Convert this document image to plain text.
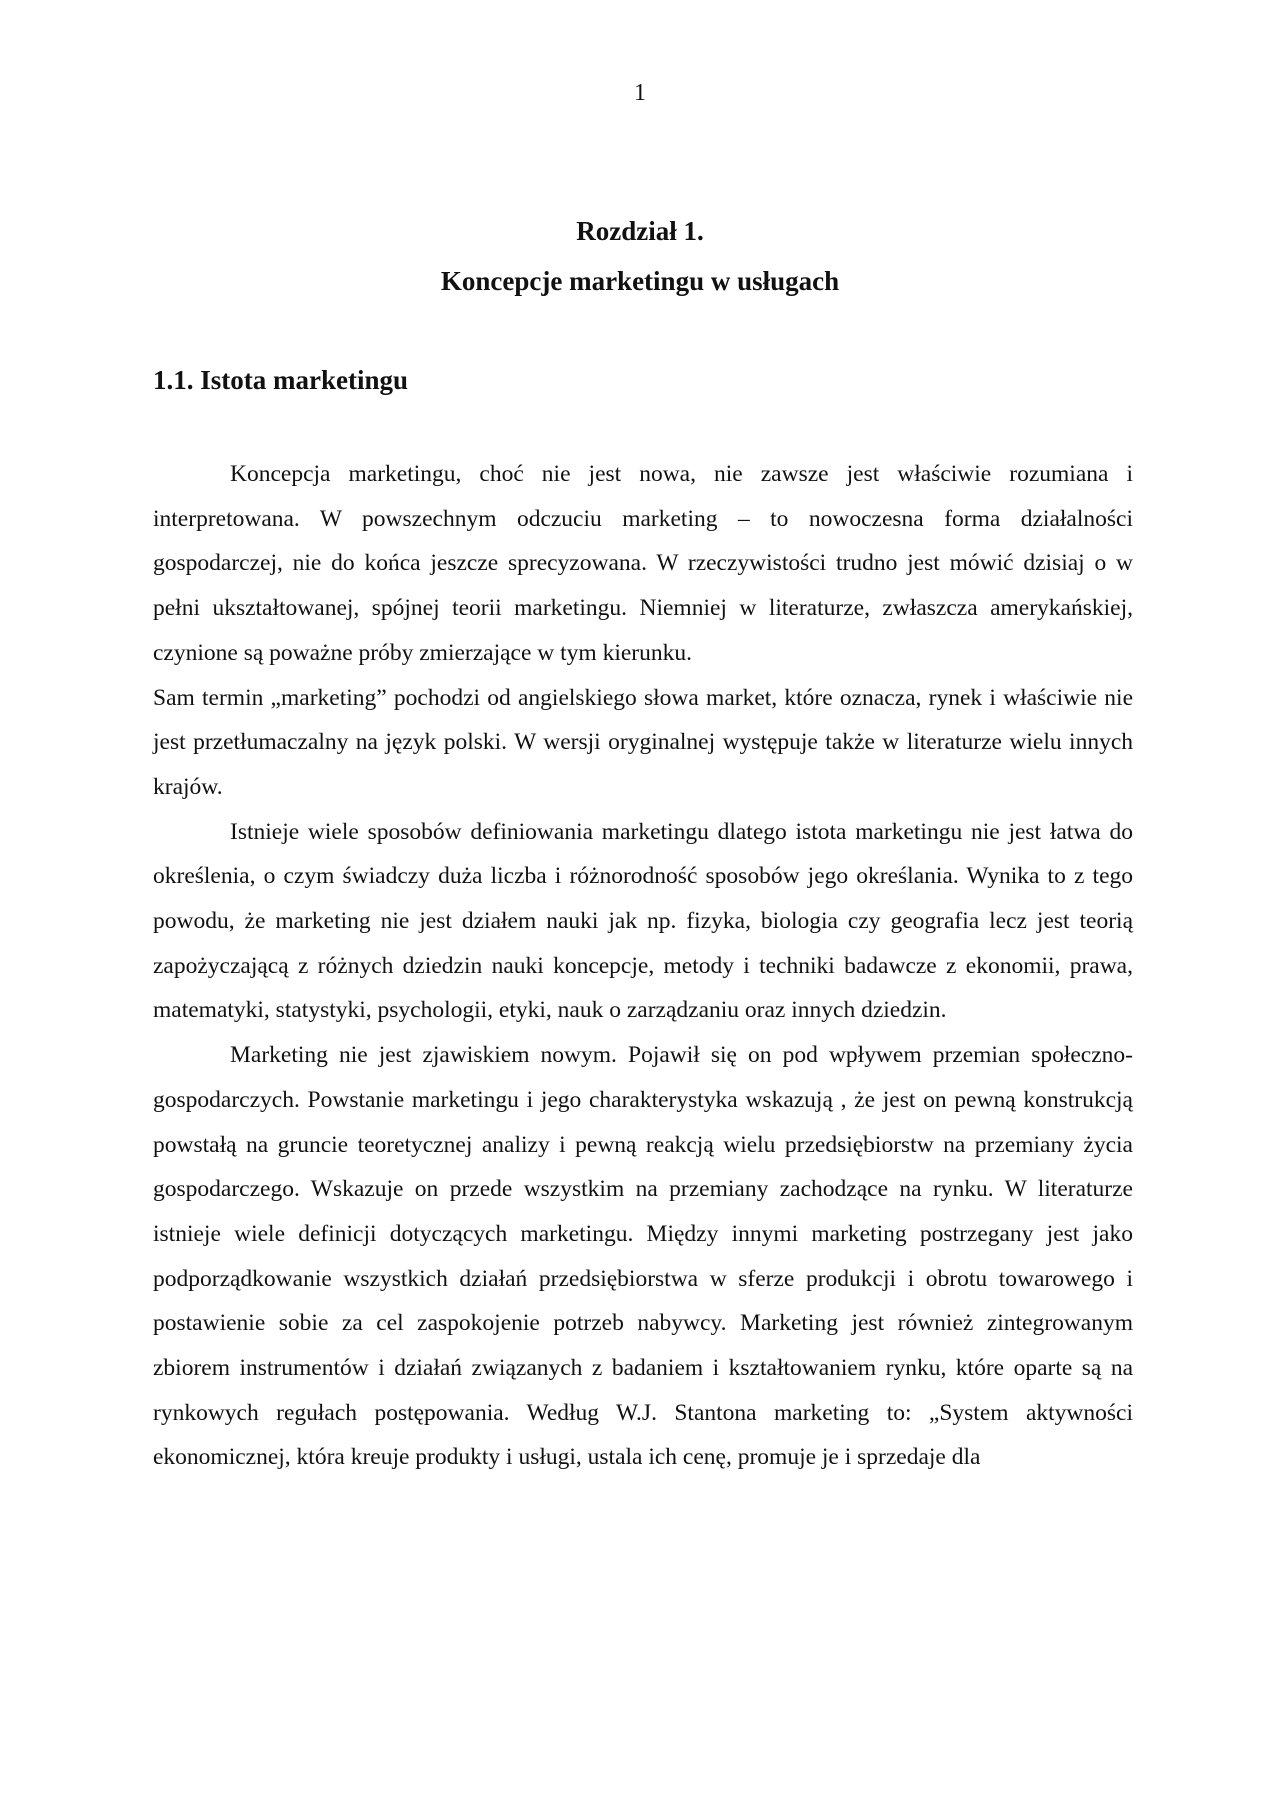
1
Rozdział 1.
Koncepcje marketingu w usługach
1.1. Istota marketingu

Koncepcja marketingu, choć nie jest nowa, nie zawsze jest właściwie rozumiana i interpretowana. W powszechnym odczuciu marketing – to nowoczesna forma działalności gospodarczej, nie do końca jeszcze sprecyzowana. W rzeczywistości trudno jest mówić dzisiaj o w pełni ukształtowanej, spójnej teorii marketingu. Niemniej w literaturze, zwłaszcza amerykańskiej, czynione są poważne próby zmierzające w tym kierunku.

Sam termin „marketing” pochodzi od angielskiego słowa market, które oznacza, rynek i właściwie nie jest przetłumaczalny na język polski. W wersji oryginalnej występuje także w literaturze wielu innych krajów.

Istnieje wiele sposobów definiowania marketingu dlatego istota marketingu nie jest łatwa do określenia, o czym świadczy duża liczba i różnorodność sposobów jego określania. Wynika to z tego powodu, że marketing nie jest działem nauki jak np. fizyka, biologia czy geografia lecz jest teorią zapożyczającą z różnych dziedzin nauki koncepcje, metody i techniki badawcze z ekonomii, prawa, matematyki, statystyki, psychologii, etyki, nauk o zarządzaniu oraz innych dziedzin.

Marketing nie jest zjawiskiem nowym. Pojawił się on pod wpływem przemian społeczno-gospodarczych. Powstanie marketingu i jego charakterystyka wskazują , że jest on pewną konstrukcją powstałą na gruncie teoretycznej analizy i pewną reakcją wielu przedsiębiorstw na przemiany życia gospodarczego. Wskazuje on przede wszystkim na przemiany zachodzące na rynku. W literaturze istnieje wiele definicji dotyczących marketingu. Między innymi marketing postrzegany jest jako podporządkowanie wszystkich działań przedsiębiorstwa w sferze produkcji i obrotu towarowego i postawienie sobie za cel zaspokojenie potrzeb nabywcy. Marketing jest również zintegrowanym zbiorem instrumentów i działań związanych z badaniem i kształtowaniem rynku, które oparte są na rynkowych regułach postępowania. Według W.J. Stantona marketing to: „System aktywności ekonomicznej, która kreuje produkty i usługi, ustala ich cenę, promuje je i sprzedaje dla
